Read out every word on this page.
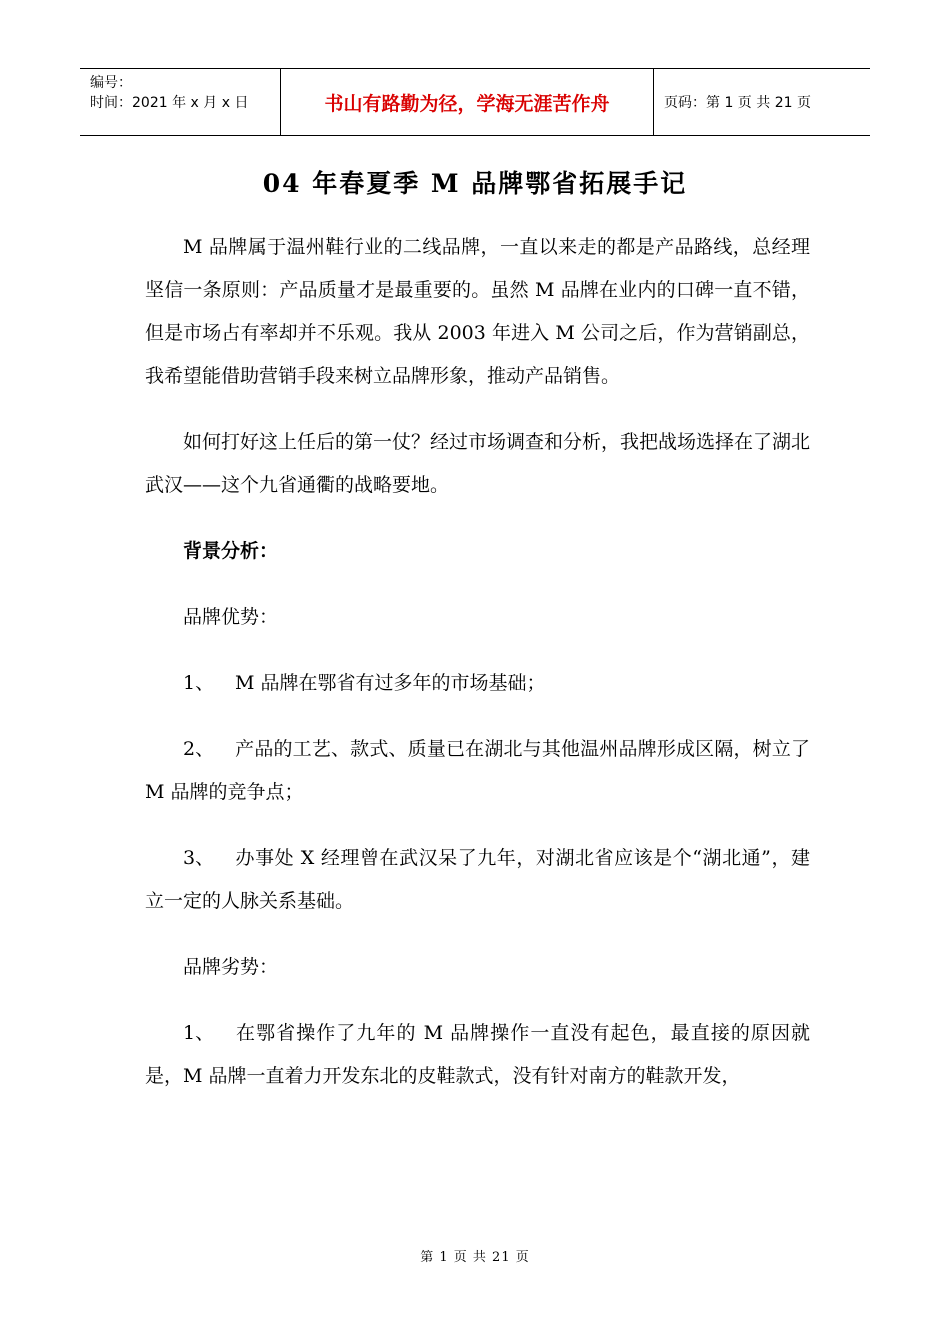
编号：
时间：2021 年 x 月 x 日	书山有路勤为径，学海无涯苦作舟	页码：第 1 页 共 21 页
04 年春夏季 M 品牌鄂省拓展手记

M 品牌属于温州鞋行业的二线品牌，一直以来走的都是产品路线，总经理坚信一条原则：产品质量才是最重要的。虽然 M 品牌在业内的口碑一直不错，但是市场占有率却并不乐观。我从 2003 年进入 M 公司之后，作为营销副总，我希望能借助营销手段来树立品牌形象，推动产品销售。

如何打好这上任后的第一仗？经过市场调查和分析，我把战场选择在了湖北武汉——这个九省通衢的战略要地。

背景分析：

品牌优势：

1、 M 品牌在鄂省有过多年的市场基础；

2、 产品的工艺、款式、质量已在湖北与其他温州品牌形成区隔，树立了 M 品牌的竞争点；

3、 办事处 X 经理曾在武汉呆了九年，对湖北省应该是个“湖北通”，建立一定的人脉关系基础。

品牌劣势：

1、 在鄂省操作了九年的 M 品牌操作一直没有起色，最直接的原因就是，M 品牌一直着力开发东北的皮鞋款式，没有针对南方的鞋款开发，

第 1 页 共 21 页
